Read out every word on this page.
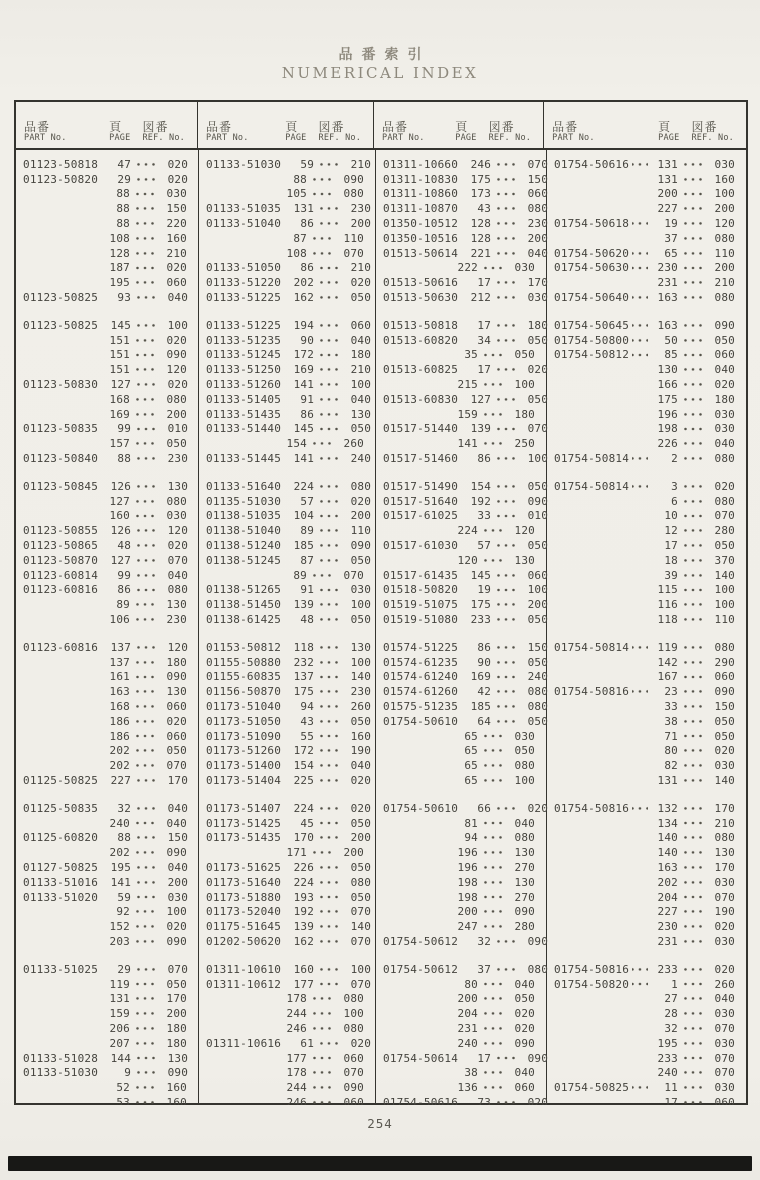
品番索引
NUMERICAL INDEX
品番
PART No.
頁
PAGE
図番
REF. No.
品番
PART No.
頁
PAGE
図番
REF. No.
品番
PART No.
頁
PAGE
図番
REF. No.
品番
PART No.
頁
PAGE
図番
REF. No.
01123-50818	47	020
01123-50820	29	020
88	030
88	150
88	220
108	160
128	210
187	020
195	060
01123-50825	93	040
01123-50825	145	100
151	020
151	090
151	120
01123-50830	127	020
168	080
169	200
01123-50835	99	010
157	050
01123-50840	88	230
01123-50845	126	130
127	080
160	030
01123-50855	126	120
01123-50865	48	020
01123-50870	127	070
01123-60814	99	040
01123-60816	86	080
89	130
106	230
01123-60816	137	120
137	180
161	090
163	130
168	060
186	020
186	060
202	050
202	070
01125-50825	227	170
01125-50835	32	040
240	040
01125-60820	88	150
202	090
01127-50825	195	040
01133-51016	141	200
01133-51020	59	030
92	100
152	020
203	090
01133-51025	29	070
119	050
131	170
159	200
206	180
207	180
01133-51028	144	130
01133-51030	9	090
52	160
53	160
01133-51030	59	210
88	090
105	080
01133-51035	131	230
01133-51040	86	200
87	110
108	070
01133-51050	86	210
01133-51220	202	020
01133-51225	162	050
01133-51225	194	060
01133-51235	90	040
01133-51245	172	180
01133-51250	169	210
01133-51260	141	100
01133-51405	91	040
01133-51435	86	130
01133-51440	145	050
154	260
01133-51445	141	240
01133-51640	224	080
01135-51030	57	020
01138-51035	104	200
01138-51040	89	110
01138-51240	185	090
01138-51245	87	050
89	070
01138-51265	91	030
01138-51450	139	100
01138-61425	48	050
01153-50812	118	130
01155-50880	232	100
01155-60835	137	140
01156-50870	175	230
01173-51040	94	260
01173-51050	43	050
01173-51090	55	160
01173-51260	172	190
01173-51400	154	040
01173-51404	225	020
01173-51407	224	020
01173-51425	45	050
01173-51435	170	200
171	200
01173-51625	226	050
01173-51640	224	080
01173-51880	193	050
01173-52040	192	070
01175-51645	139	140
01202-50620	162	070
01311-10610	160	100
01311-10612	177	070
178	080
244	100
246	080
01311-10616	61	020
177	060
178	070
244	090
246	060
01311-10660	246	070
01311-10830	175	150
01311-10860	173	060
01311-10870	43	080
01350-10512	128	230
01350-10516	128	200
01513-50614	221	040
222	030
01513-50616	17	170
01513-50630	212	030
01513-50818	17	180
01513-60820	34	050
35	050
01513-60825	17	020
215	100
01513-60830	127	050
159	180
01517-51440	139	070
141	250
01517-51460	86	100
01517-51490	154	050
01517-51640	192	090
01517-61025	33	010
224	120
01517-61030	57	050
120	130
01517-61435	145	060
01518-50820	19	100
01519-51075	175	200
01519-51080	233	050
01574-51225	86	150
01574-61235	90	050
01574-61240	169	240
01574-61260	42	080
01575-51235	185	080
01754-50610	64	050
65	030
65	050
65	080
65	100
01754-50610	66	020
81	040
94	080
196	130
196	270
198	130
198	270
200	090
247	280
01754-50612	32	090
01754-50612	37	080
80	040
200	050
204	020
231	020
240	090
01754-50614	17	090
38	040
136	060
01754-50616	73	020
01754-50616	131	030
131	160
200	100
227	200
01754-50618	19	120
37	080
01754-50620	65	110
01754-50630	230	200
231	210
01754-50640	163	080
01754-50645	163	090
01754-50800	50	050
01754-50812	85	060
130	040
166	020
175	180
196	030
198	030
226	040
01754-50814	2	080
01754-50814	3	020
6	080
10	070
12	280
17	050
18	370
39	140
115	100
116	100
118	110
01754-50814	119	080
142	290
167	060
01754-50816	23	090
33	150
38	050
71	050
80	020
82	030
131	140
01754-50816	132	170
134	210
140	080
140	130
163	170
202	030
204	070
227	190
230	020
231	030
01754-50816	233	020
01754-50820	1	260
27	040
28	030
32	070
195	030
233	070
240	070
01754-50825	11	030
17	060
254
